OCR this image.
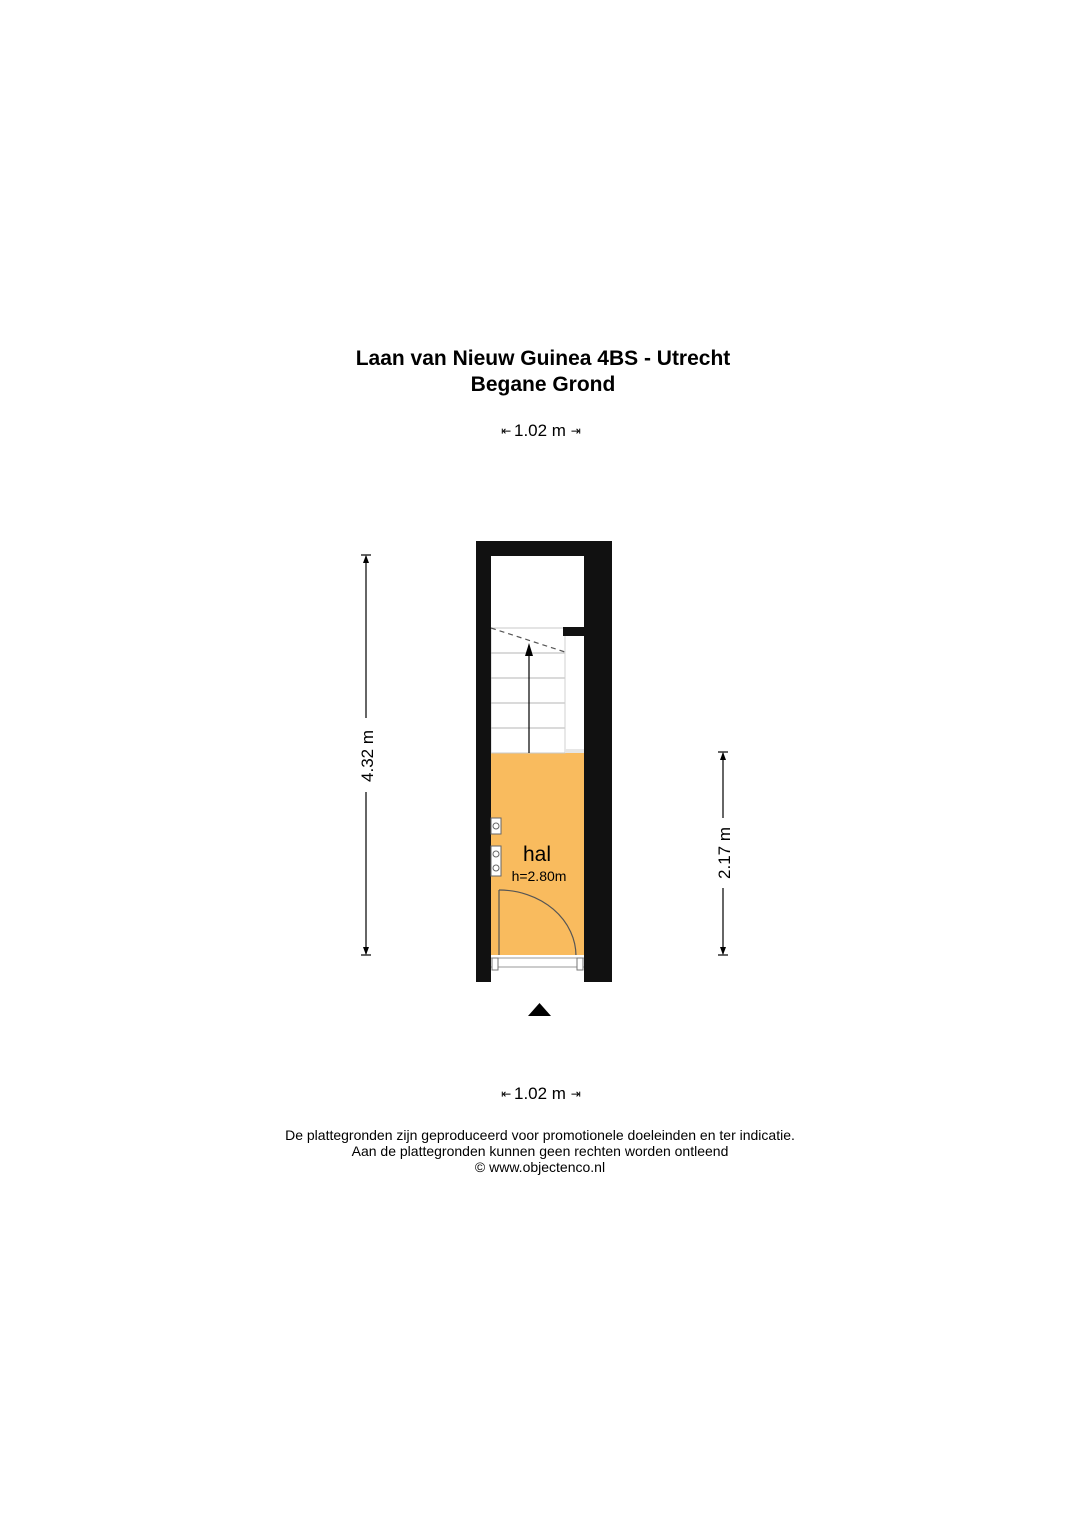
Laan van Nieuw Guinea 4BS - Utrecht
Begane Grond
⇤ 1.02 m ⇥
4.32 m
2.17 m
hal
h=2.80m
⇤ 1.02 m ⇥
De plattegronden zijn geproduceerd voor promotionele doeleinden en ter indicatie.
Aan de plattegronden kunnen geen rechten worden ontleend
© www.objectenco.nl
